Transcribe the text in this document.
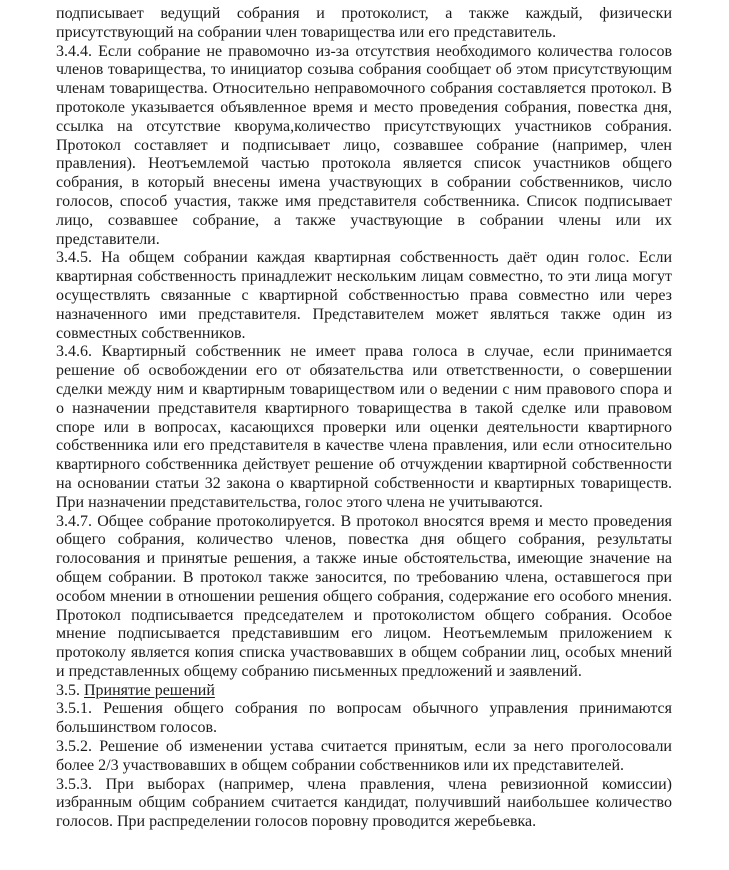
подписывает ведущий собрания и протоколист, а также каждый, физически присутствующий на собрании член товарищества или его представитель.

3.4.4. Если собрание не правомочно из-за отсутствия необходимого количества голосов членов товарищества, то инициатор созыва собрания сообщает об этом присутствующим членам товарищества. Относительно неправомочного собрания составляется протокол. В протоколе указывается объявленное время и место проведения собрания, повестка дня, ссылка на отсутствие кворума,количество присутствующих участников собрания. Протокол составляет и подписывает лицо, созвавшее собрание (например, член правления). Неотъемлемой частью протокола является список участников общего собрания, в который внесены имена участвующих в собрании собственников, число голосов, способ участия, также имя представителя собственника. Список подписывает лицо, созвавшее собрание, а также участвующие в собрании члены или их представители.

3.4.5. На общем собрании каждая квартирная собственность даёт один голос. Если квартирная собственность принадлежит нескольким лицам совместно, то эти лица могут осуществлять связанные с квартирной собственностью права совместно или через назначенного ими представителя. Представителем может являться также один из совместных собственников.

3.4.6. Квартирный собственник не имеет права голоса в случае, если принимается решение об освобождении его от обязательства или ответственности, о совершении сделки между ним и квартирным товариществом или о ведении с ним правового спора и о назначении представителя квартирного товарищества в такой сделке или правовом споре или в вопросах, касающихся проверки или оценки деятельности квартирного собственника или его представителя в качестве члена правления, или если относительно квартирного собственника действует решение об отчуждении квартирной собственности на основании статьи 32 закона о квартирной собственности и квартирных товариществ. При назначении представительства, голос этого члена не учитываются.

3.4.7. Общее собрание протоколируется. В протокол вносятся время и место проведения общего собрания, количество членов, повестка дня общего собрания, результаты голосования и принятые решения, а также иные обстоятельства, имеющие значение на общем собрании. В протокол также заносится, по требованию члена, оставшегося при особом мнении в отношении решения общего собрания, содержание его особого мнения. Протокол подписывается председателем и протоколистом общего собрания. Особое мнение подписывается представившим его лицом. Неотъемлемым приложением к протоколу является копия списка участвовавших в общем собрании лиц, особых мнений и представленных общему собранию письменных предложений и заявлений.

3.5. Принятие решений

3.5.1. Решения общего собрания по вопросам обычного управления принимаются большинством голосов.

3.5.2. Решение об изменении устава считается принятым, если за него проголосовали более 2/3 участвовавших в общем собрании собственников или их представителей.

3.5.3. При выборах (например, члена правления, члена ревизионной комиссии) избранным общим собранием считается кандидат, получивший наибольшее количество голосов. При распределении голосов поровну проводится жеребьевка.
